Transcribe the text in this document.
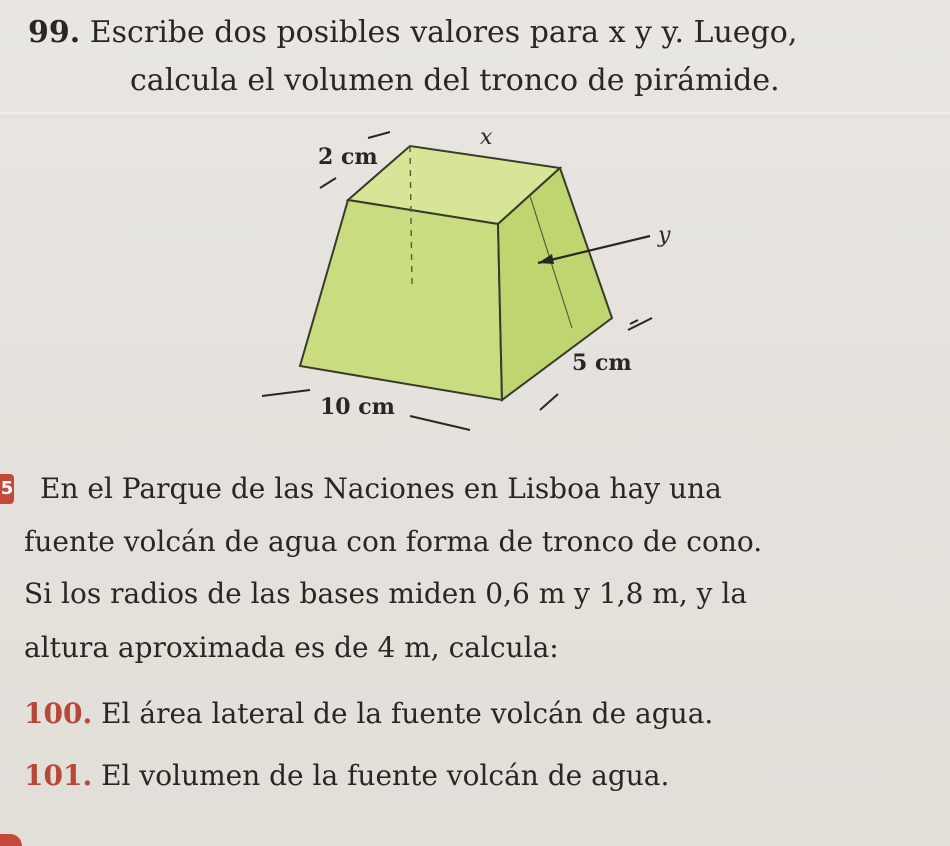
99. Escribe dos posibles valores para x y y. Luego,
calcula el volumen del tronco de pirámide.
2 cm
x
y
5 cm
10 cm
5 En el Parque de las Naciones en Lisboa hay una
fuente volcán de agua con forma de tronco de cono.
Si los radios de las bases miden 0,6 m y 1,8 m, y la
altura aproximada es de 4 m, calcula:
100. El área lateral de la fuente volcán de agua.
101. El volumen de la fuente volcán de agua.
